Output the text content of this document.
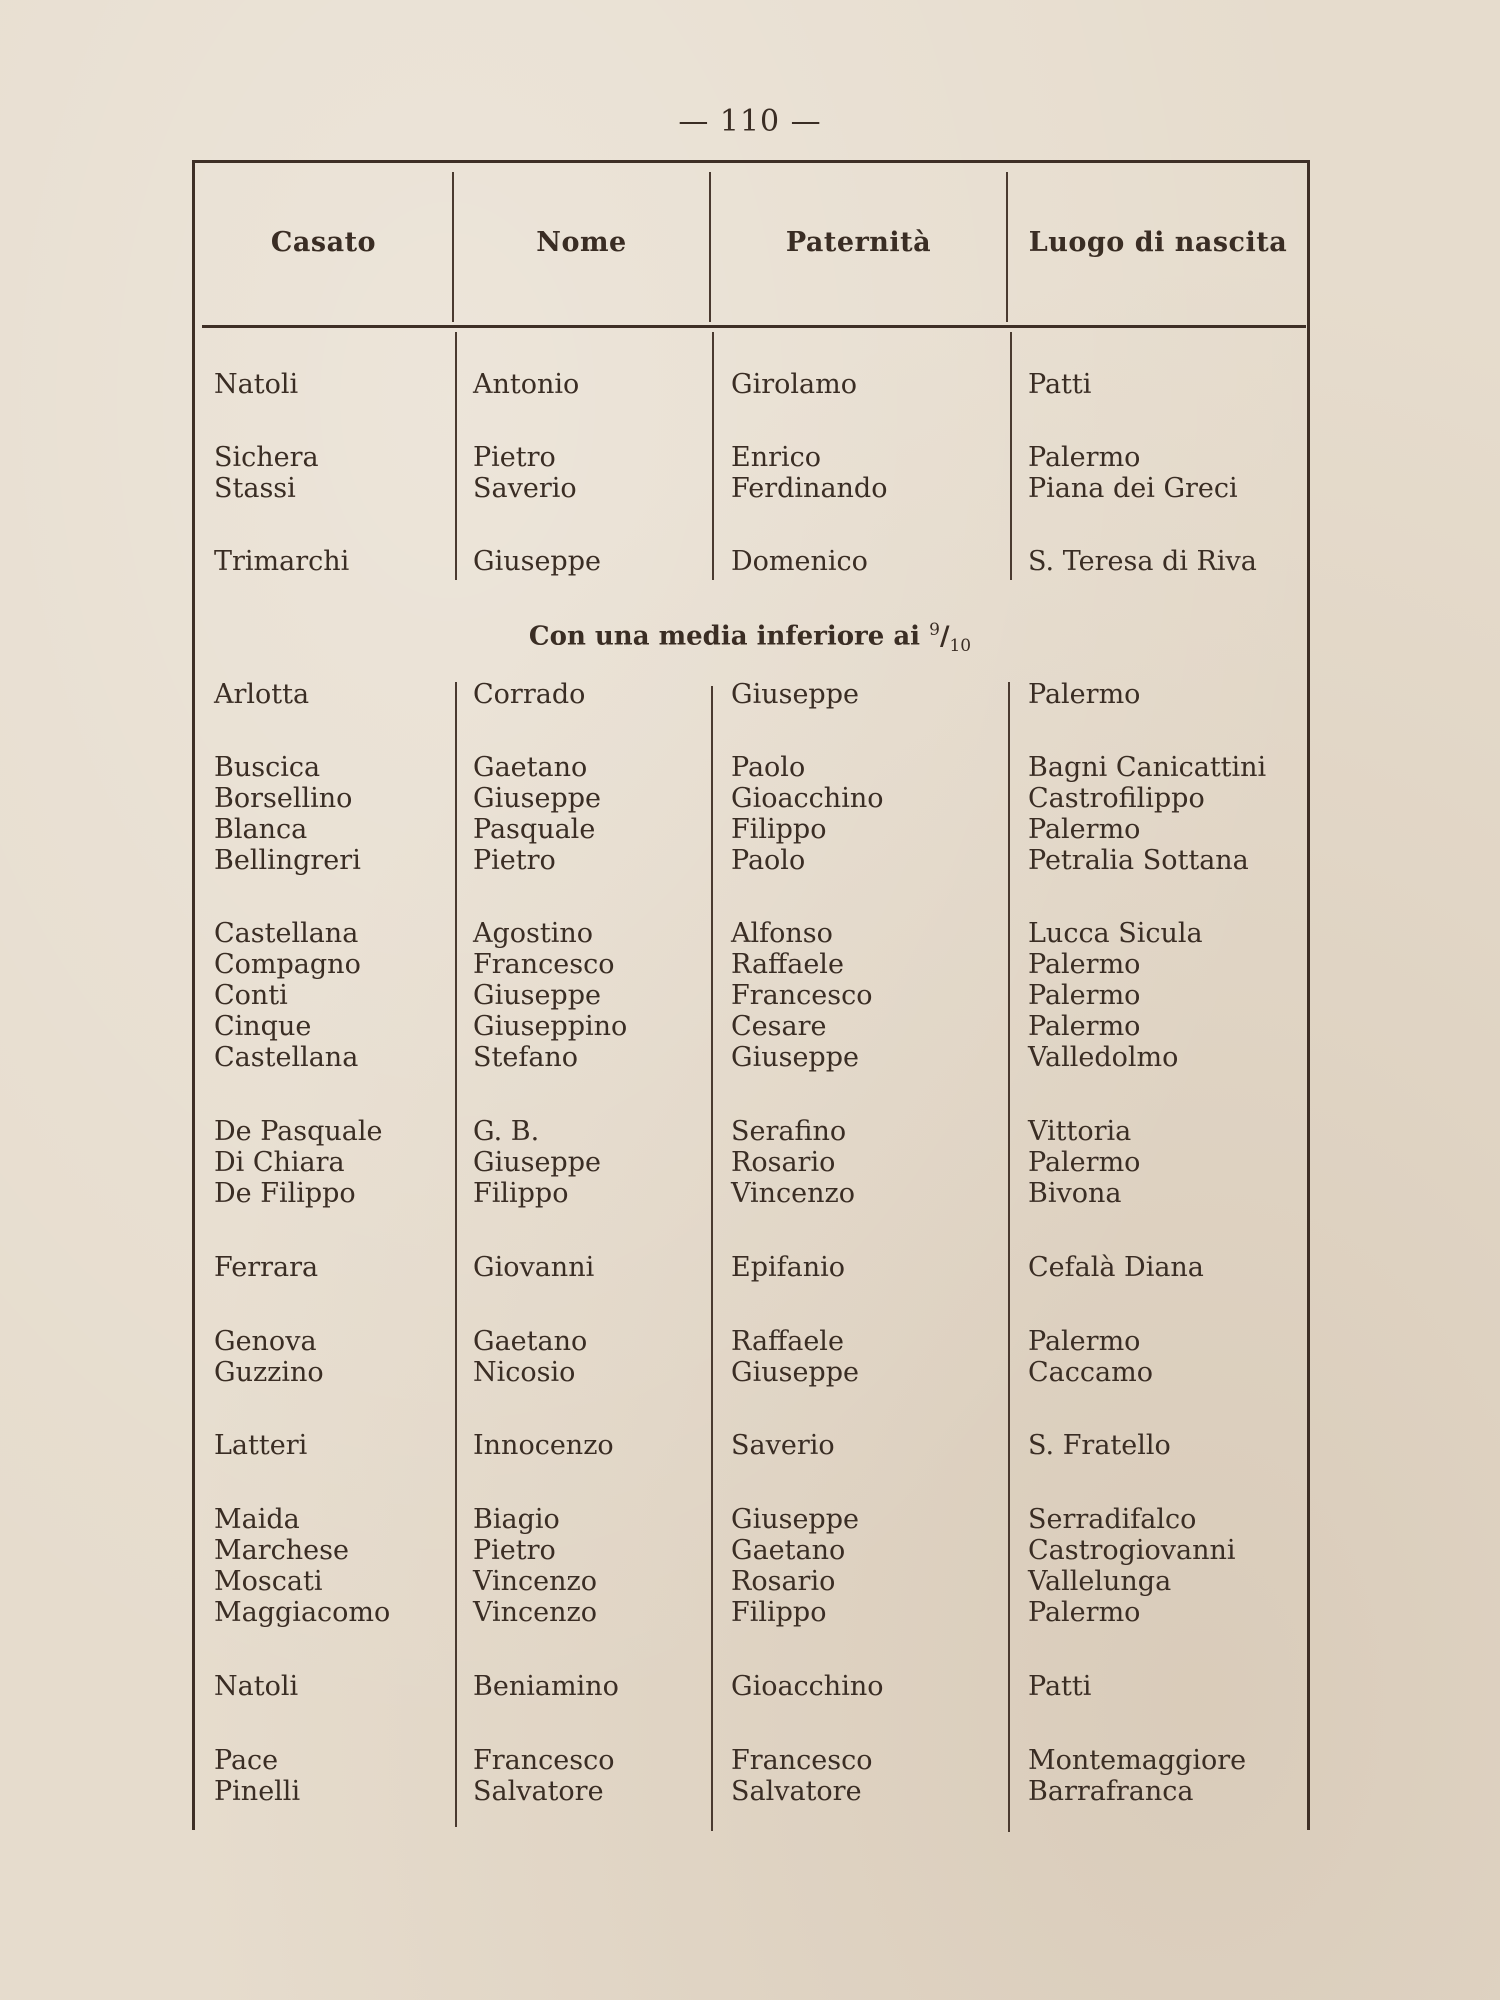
— 110 —
Casato	Nome	Paternità	Luogo di nascita
Con una media inferiore ai $^9/_{10}$
Natoli	Antonio	Girolamo	Patti
Sichera	Pietro	Enrico	Palermo
Stassi	Saverio	Ferdinando	Piana dei Greci
Trimarchi	Giuseppe	Domenico	S. Teresa di Riva
Arlotta	Corrado	Giuseppe	Palermo
Buscica	Gaetano	Paolo	Bagni Canicattini
Borsellino	Giuseppe	Gioacchino	Castrofilippo
Blanca	Pasquale	Filippo	Palermo
Bellingreri	Pietro	Paolo	Petralia Sottana
Castellana	Agostino	Alfonso	Lucca Sicula
Compagno	Francesco	Raffaele	Palermo
Conti	Giuseppe	Francesco	Palermo
Cinque	Giuseppino	Cesare	Palermo
Castellana	Stefano	Giuseppe	Valledolmo
De Pasquale	G. B.	Serafino	Vittoria
Di Chiara	Giuseppe	Rosario	Palermo
De Filippo	Filippo	Vincenzo	Bivona
Ferrara	Giovanni	Epifanio	Cefalà Diana
Genova	Gaetano	Raffaele	Palermo
Guzzino	Nicosio	Giuseppe	Caccamo
Latteri	Innocenzo	Saverio	S. Fratello
Maida	Biagio	Giuseppe	Serradifalco
Marchese	Pietro	Gaetano	Castrogiovanni
Moscati	Vincenzo	Rosario	Vallelunga
Maggiacomo	Vincenzo	Filippo	Palermo
Natoli	Beniamino	Gioacchino	Patti
Pace	Francesco	Francesco	Montemaggiore
Pinelli	Salvatore	Salvatore	Barrafranca
